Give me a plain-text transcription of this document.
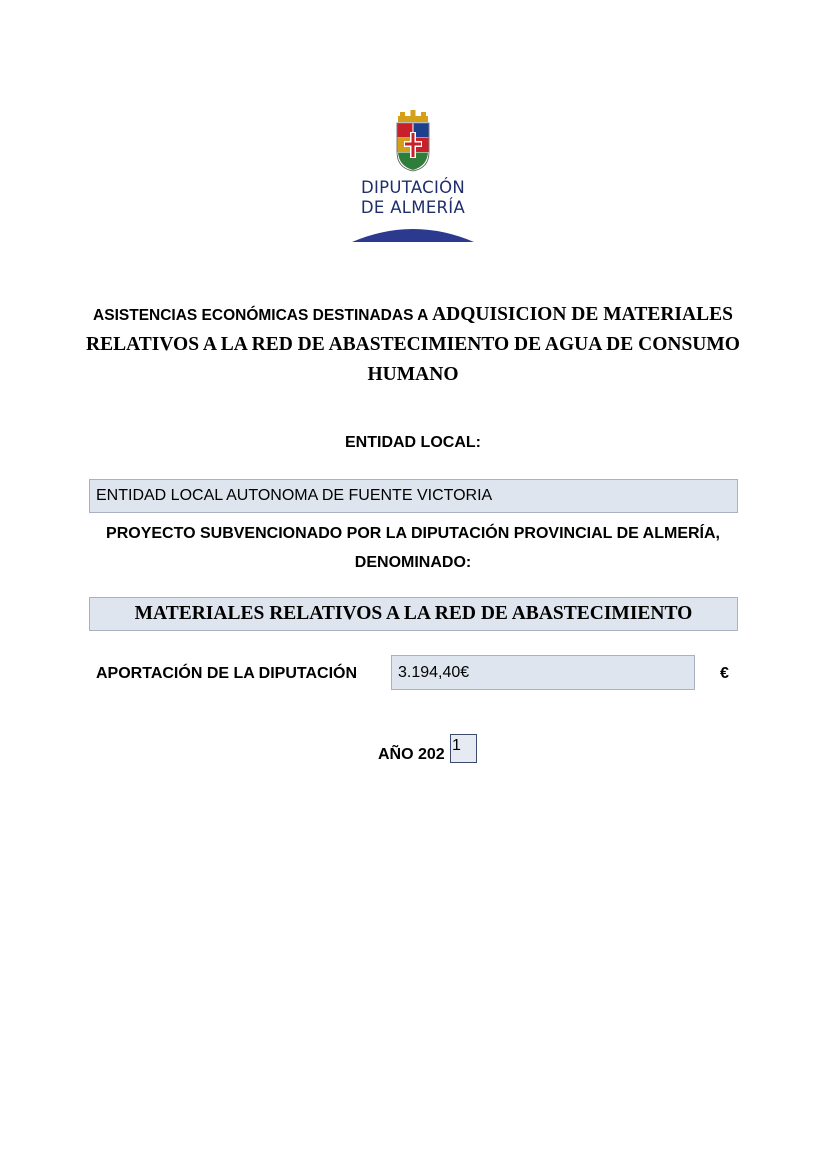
DIPUTACIÓN
DE ALMERÍA
ASISTENCIAS ECONÓMICAS DESTINADAS A ADQUISICION DE MATERIALES RELATIVOS A LA RED DE ABASTECIMIENTO DE AGUA DE CONSUMO HUMANO
ENTIDAD LOCAL:
ENTIDAD LOCAL AUTONOMA DE FUENTE VICTORIA
PROYECTO SUBVENCIONADO POR LA DIPUTACIÓN PROVINCIAL DE ALMERÍA, DENOMINADO:
MATERIALES RELATIVOS A LA RED DE ABASTECIMIENTO
APORTACIÓN DE LA DIPUTACIÓN	3.194,40€	€
AÑO 202
1
